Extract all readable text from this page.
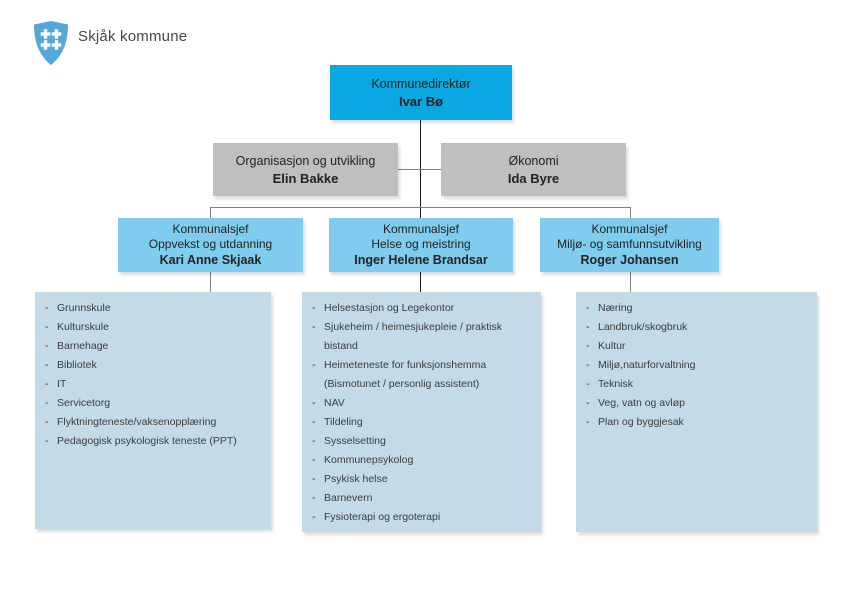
Skjåk kommune
Kommunedirektør
Ivar Bø
Organisasjon og utvikling
Elin Bakke
Økonomi
Ida Byre
Kommunalsjef
Oppvekst og utdanning
Kari Anne Skjaak
Kommunalsjef
Helse og meistring
Inger Helene Brandsar
Kommunalsjef
Miljø- og samfunnsutvikling
Roger Johansen
-
Grunnskule
-
Kulturskule
-
Barnehage
-
Bibliotek
-
IT
-
Servicetorg
-
Flyktningteneste/vaksenopplæring
-
Pedagogisk psykologisk teneste (PPT)
-
Helsestasjon og Legekontor
-
Sjukeheim / heimesjukepleie / praktisk bistand
-
Heimeteneste for funksjonshemma (Bismotunet / personlig assistent)
-
NAV
-
Tildeling
-
Sysselsetting
-
Kommunepsykolog
-
Psykisk helse
-
Barnevern
-
Fysioterapi og ergoterapi
-
Næring
-
Landbruk/skogbruk
-
Kultur
-
Miljø,naturforvaltning
-
Teknisk
-
Veg, vatn og avløp
-
Plan og byggjesak
